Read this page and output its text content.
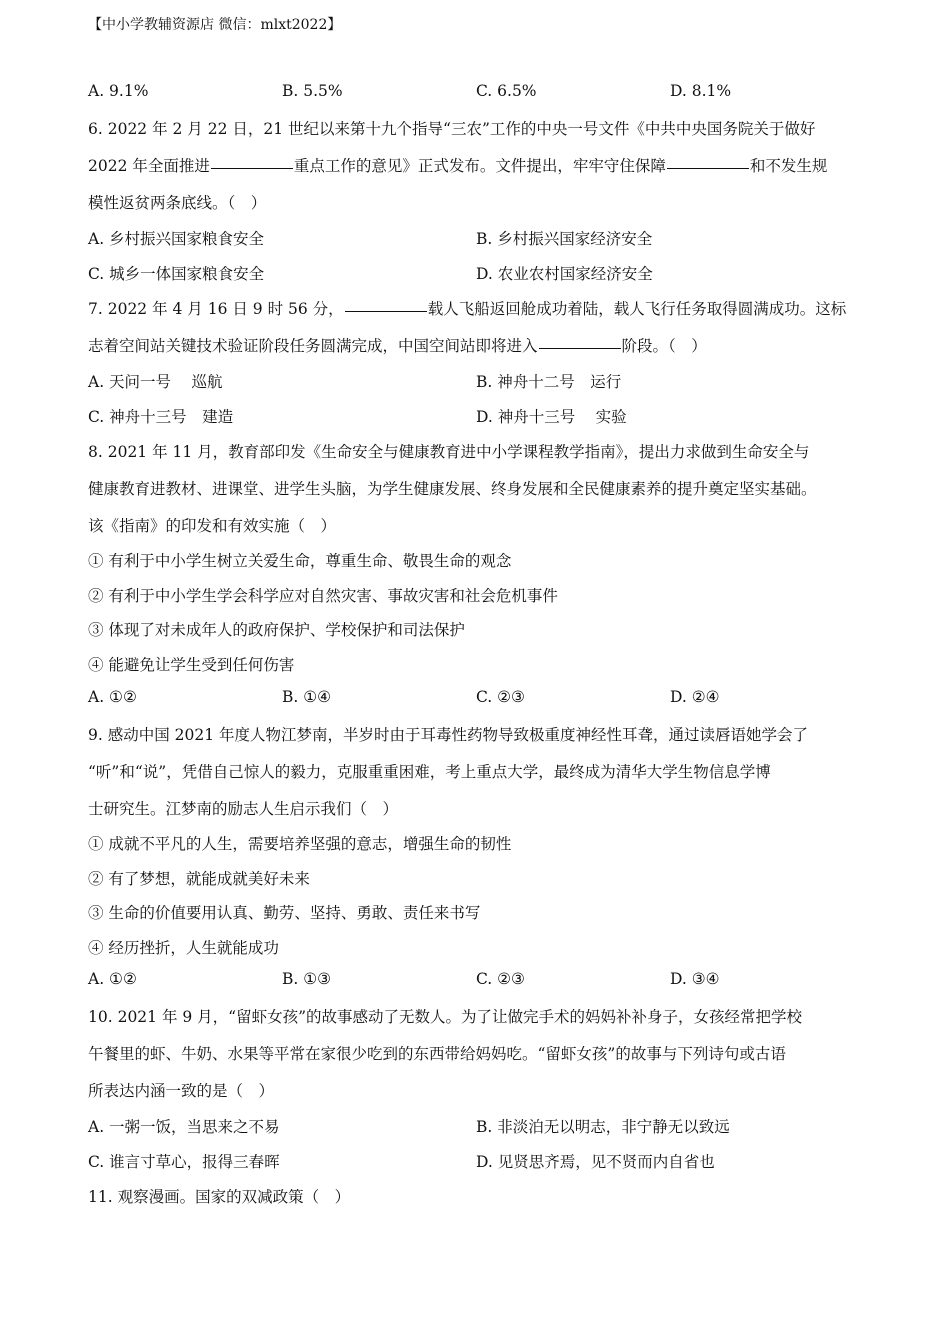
【中小学教辅资源店 微信：mlxt2022】
A. 9.1%	B. 5.5%	C. 6.5%	D. 8.1%
6. 2022 年 2 月 22 日，21 世纪以来第十九个指导“三农”工作的中央一号文件《中共中央国务院关于做好
2022 年全面推进	重点工作的意见》正式发布。文件提出，牢牢守住保障	和不发生规
模性返贫两条底线。（　）
A. 乡村振兴国家粮食安全	B. 乡村振兴国家经济安全
C. 城乡一体国家粮食安全	D. 农业农村国家经济安全
7. 2022 年 4 月 16 日 9 时 56 分，	载人飞船返回舱成功着陆，载人飞行任务取得圆满成功。这标
志着空间站关键技术验证阶段任务圆满完成，中国空间站即将进入	阶段。（　）
A. 天问一号　 巡航	B. 神舟十二号　运行
C. 神舟十三号　建造	D. 神舟十三号　 实验
8. 2021 年 11 月，教育部印发《生命安全与健康教育进中小学课程教学指南》，提出力求做到生命安全与
健康教育进教材、进课堂、进学生头脑，为学生健康发展、终身发展和全民健康素养的提升奠定坚实基础。
该《指南》的印发和有效实施（　）
① 有利于中小学生树立关爱生命，尊重生命、敬畏生命的观念
② 有利于中小学生学会科学应对自然灾害、事故灾害和社会危机事件
③ 体现了对未成年人的政府保护、学校保护和司法保护
④ 能避免让学生受到任何伤害
A. ①②	B. ①④	C. ②③	D. ②④
9. 感动中国 2021 年度人物江梦南，半岁时由于耳毒性药物导致极重度神经性耳聋，通过读唇语她学会了
“听”和“说”，凭借自己惊人的毅力，克服重重困难，考上重点大学，最终成为清华大学生物信息学博
士研究生。江梦南的励志人生启示我们（　）
① 成就不平凡的人生，需要培养坚强的意志，增强生命的韧性
② 有了梦想，就能成就美好未来
③ 生命的价值要用认真、勤劳、坚持、勇敢、责任来书写
④ 经历挫折，人生就能成功
A. ①②	B. ①③	C. ②③	D. ③④
10. 2021 年 9 月，“留虾女孩”的故事感动了无数人。为了让做完手术的妈妈补补身子，女孩经常把学校
午餐里的虾、牛奶、水果等平常在家很少吃到的东西带给妈妈吃。“留虾女孩”的故事与下列诗句或古语
所表达内涵一致的是（　）
A. 一粥一饭，当思来之不易	B. 非淡泊无以明志，非宁静无以致远
C. 谁言寸草心，报得三春晖	D. 见贤思齐焉，见不贤而内自省也
11. 观察漫画。国家的双减政策（　）
